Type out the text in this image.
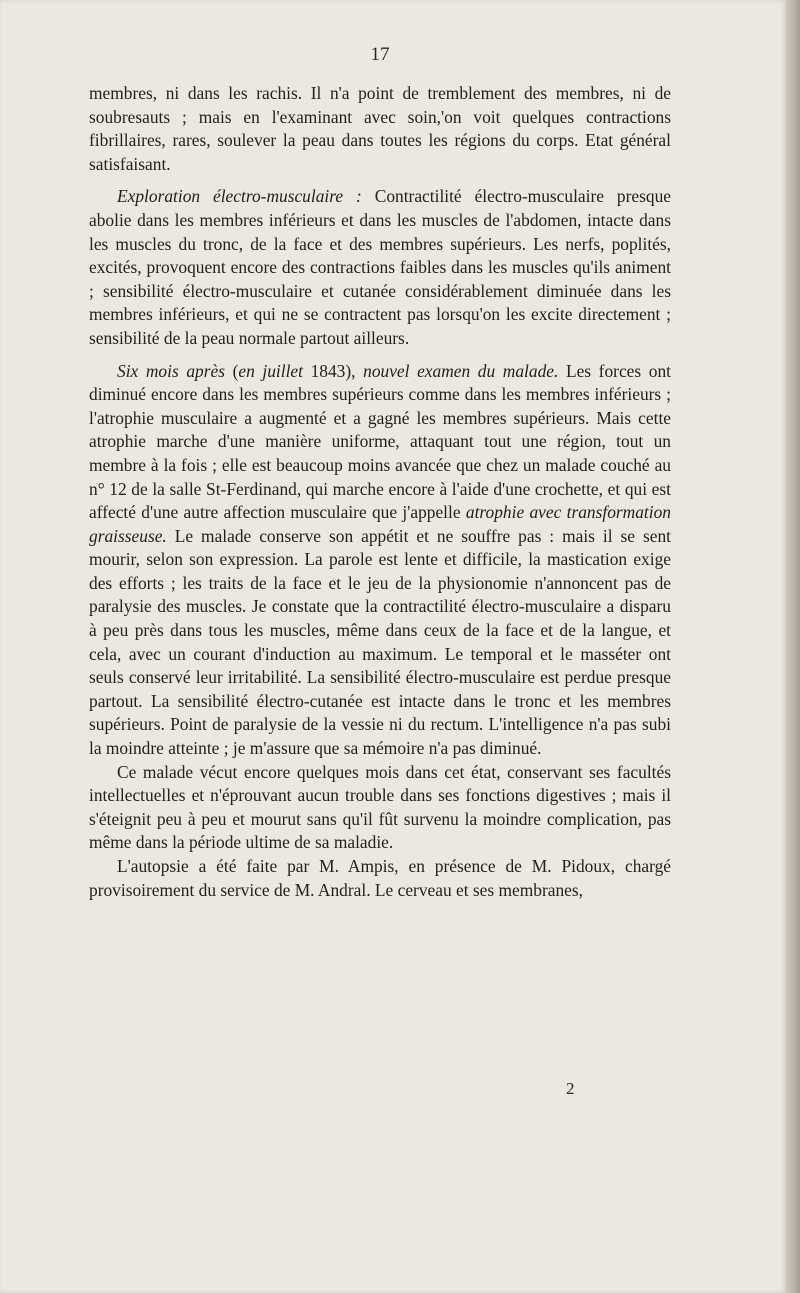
17

membres, ni dans les rachis. Il n'a point de tremblement des membres, ni de soubresauts ; mais en l'examinant avec soin,'on voit quelques contractions fibrillaires, rares, soulever la peau dans toutes les régions du corps. Etat général satisfaisant.

Exploration électro-musculaire : Contractilité électro-musculaire presque abolie dans les membres inférieurs et dans les muscles de l'abdomen, intacte dans les muscles du tronc, de la face et des membres supérieurs. Les nerfs, poplités, excités, provoquent encore des contractions faibles dans les muscles qu'ils animent ; sensibilité électro-musculaire et cutanée considérablement diminuée dans les membres inférieurs, et qui ne se contractent pas lorsqu'on les excite directement ; sensibilité de la peau normale partout ailleurs.

Six mois après (en juillet 1843), nouvel examen du malade. Les forces ont diminué encore dans les membres supérieurs comme dans les membres inférieurs ; l'atrophie musculaire a augmenté et a gagné les membres supérieurs. Mais cette atrophie marche d'une manière uniforme, attaquant tout une région, tout un membre à la fois ; elle est beaucoup moins avancée que chez un malade couché au n° 12 de la salle St-Ferdinand, qui marche encore à l'aide d'une crochette, et qui est affecté d'une autre affection musculaire que j'appelle atrophie avec transformation graisseuse. Le malade conserve son appétit et ne souffre pas : mais il se sent mourir, selon son expression. La parole est lente et difficile, la mastication exige des efforts ; les traits de la face et le jeu de la physionomie n'annoncent pas de paralysie des muscles. Je constate que la contractilité électro-musculaire a disparu à peu près dans tous les muscles, même dans ceux de la face et de la langue, et cela, avec un courant d'induction au maximum. Le temporal et le masséter ont seuls conservé leur irritabilité. La sensibilité électro-musculaire est perdue presque partout. La sensibilité électro-cutanée est intacte dans le tronc et les membres supérieurs. Point de paralysie de la vessie ni du rectum. L'intelligence n'a pas subi la moindre atteinte ; je m'assure que sa mémoire n'a pas diminué.

Ce malade vécut encore quelques mois dans cet état, conservant ses facultés intellectuelles et n'éprouvant aucun trouble dans ses fonctions digestives ; mais il s'éteignit peu à peu et mourut sans qu'il fût survenu la moindre complication, pas même dans la période ultime de sa maladie.

L'autopsie a été faite par M. Ampis, en présence de M. Pidoux, chargé provisoirement du service de M. Andral. Le cerveau et ses membranes,

2
